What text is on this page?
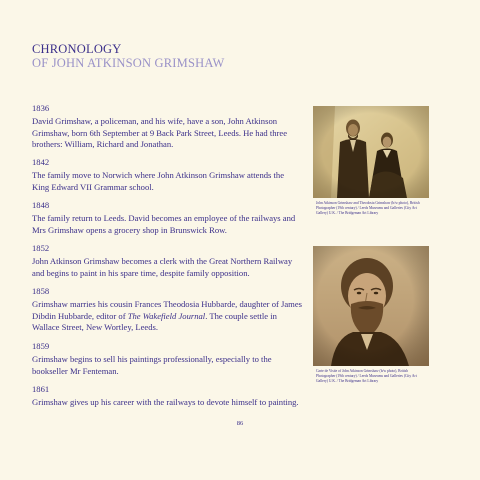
CHRONOLOGY

OF JOHN ATKINSON GRIMSHAW

1836

David Grimshaw, a policeman, and his wife, have a son, John Atkinson Grimshaw, born 6th September at 9 Back Park Street, Leeds. He had three brothers: William, Richard and Jonathan.

1842

The family move to Norwich where John Atkinson Grimshaw attends the King Edward VII Grammar school.

1848

The family return to Leeds. David becomes an employee of the railways and Mrs Grimshaw opens a grocery shop in Brunswick Row.

1852

John Atkinson Grimshaw becomes a clerk with the Great Northern Railway and begins to paint in his spare time, despite family opposition.

1858

Grimshaw marries his cousin Frances Theodosia Hubbarde, daughter of James Dibdin Hubbarde, editor of The Wakefield Journal. The couple settle in Wallace Street, New Wortley, Leeds.

1859

Grimshaw begins to sell his paintings professionally, especially to the bookseller Mr Fenteman.

1861

Grimshaw gives up his career with the railways to devote himself to painting.

John Atkinson Grimshaw and Theodosia Grimshaw (b/w photo), British Photographer (19th century) / Leeds Museums and Galleries (City Art Gallery) U.K. / The Bridgeman Art Library
Carte de Visite of John Atkinson Grimshaw (b/w photo), British Photographer (19th century) / Leeds Museums and Galleries (City Art Gallery) U.K. / The Bridgeman Art Library
86
